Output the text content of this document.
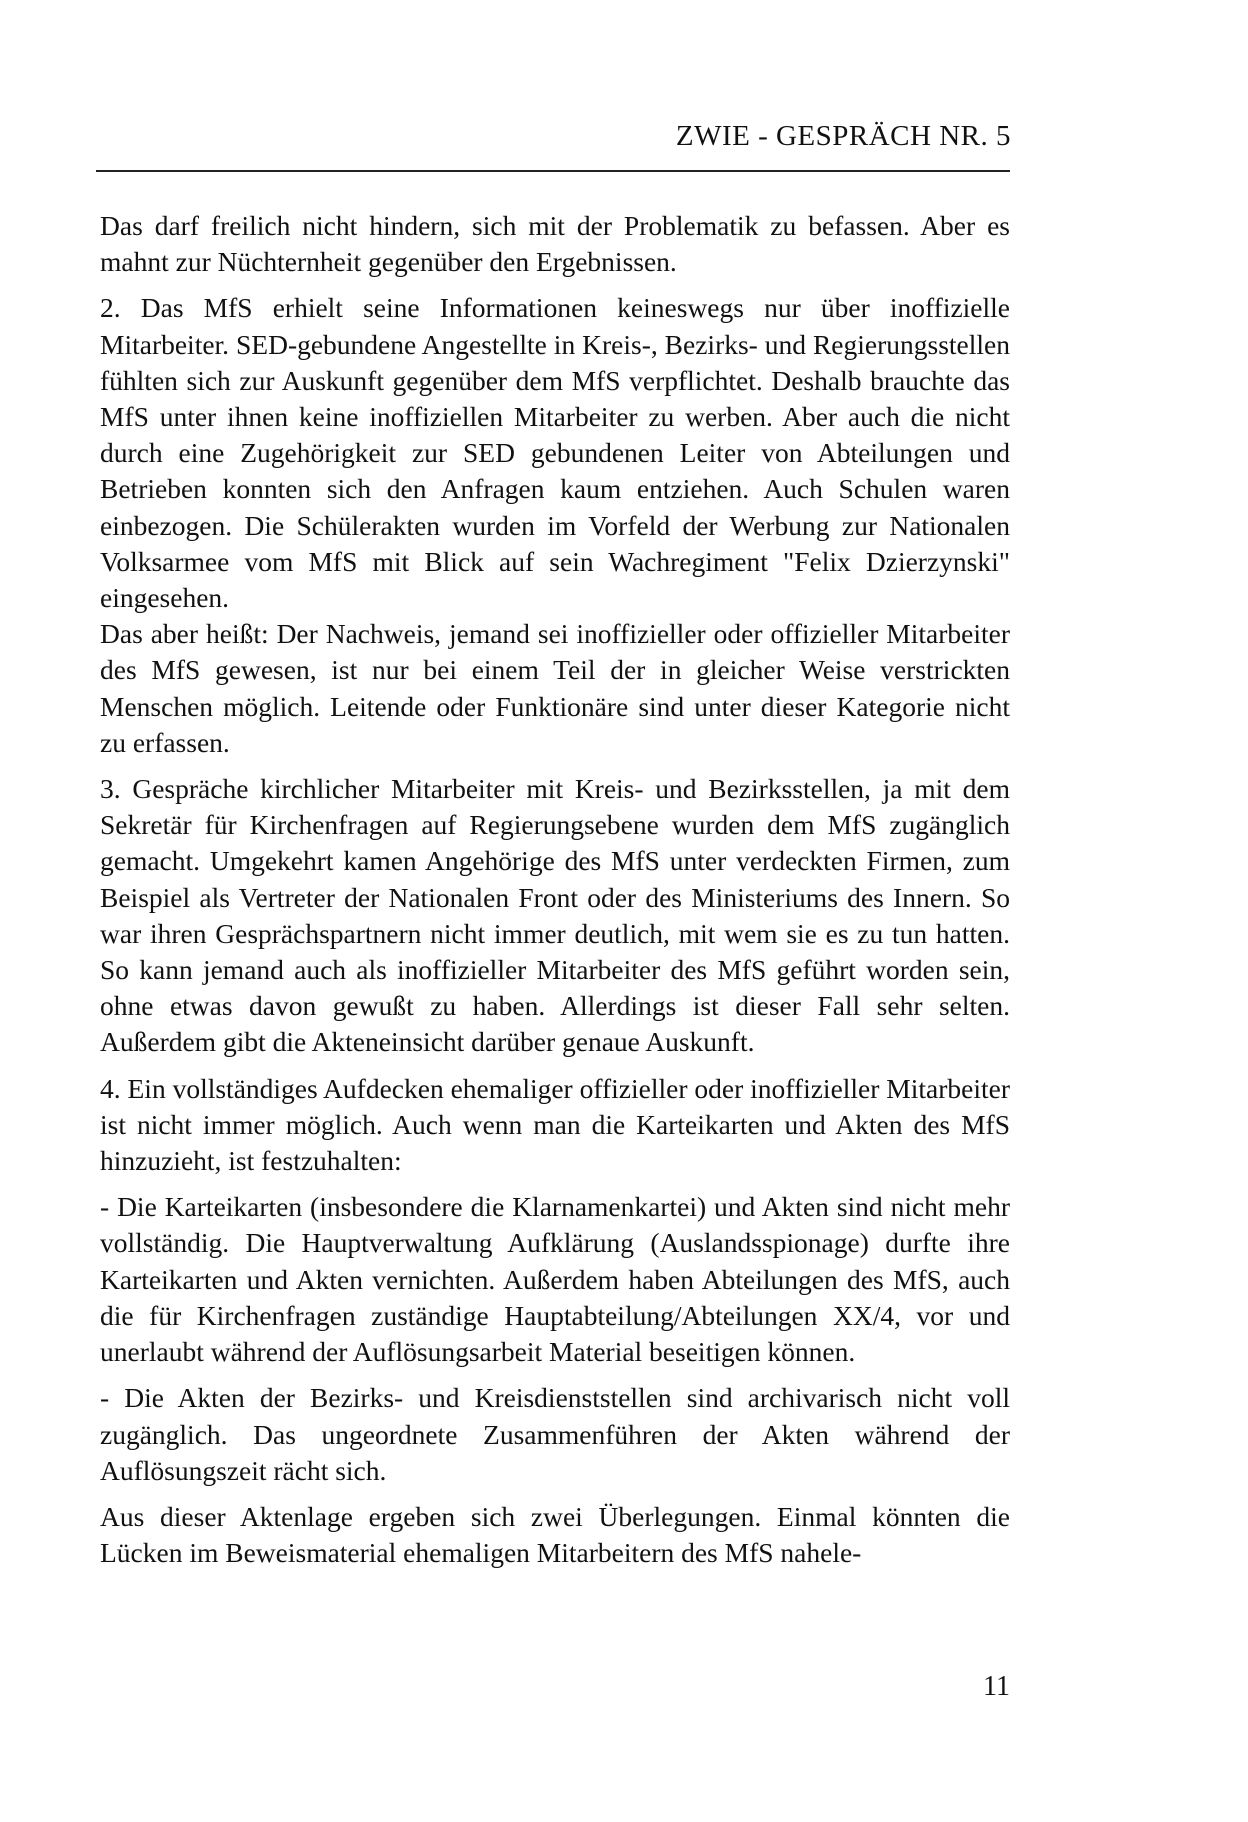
ZWIE - GESPRÄCH NR. 5

Das darf freilich nicht hindern, sich mit der Problematik zu befassen. Aber es mahnt zur Nüchternheit gegenüber den Ergebnissen.

2. Das MfS erhielt seine Informationen keineswegs nur über inoffizielle Mitarbeiter. SED-gebundene Angestellte in Kreis-, Bezirks- und Regierungsstellen fühlten sich zur Auskunft gegenüber dem MfS verpflichtet. Deshalb brauchte das MfS unter ihnen keine inoffiziellen Mitarbeiter zu werben. Aber auch die nicht durch eine Zugehörigkeit zur SED gebundenen Leiter von Abteilungen und Betrieben konnten sich den Anfragen kaum entziehen. Auch Schulen waren einbezogen. Die Schülerakten wurden im Vorfeld der Werbung zur Nationalen Volksarmee vom MfS mit Blick auf sein Wachregiment "Felix Dzierzynski" eingesehen.

Das aber heißt: Der Nachweis, jemand sei inoffizieller oder offizieller Mitarbeiter des MfS gewesen, ist nur bei einem Teil der in gleicher Weise verstrickten Menschen möglich. Leitende oder Funktionäre sind unter dieser Kategorie nicht zu erfassen.

3. Gespräche kirchlicher Mitarbeiter mit Kreis- und Bezirksstellen, ja mit dem Sekretär für Kirchenfragen auf Regierungsebene wurden dem MfS zugänglich gemacht. Umgekehrt kamen Angehörige des MfS unter verdeckten Firmen, zum Beispiel als Vertreter der Nationalen Front oder des Ministeriums des Innern. So war ihren Gesprächspartnern nicht immer deutlich, mit wem sie es zu tun hatten. So kann jemand auch als inoffizieller Mitarbeiter des MfS geführt worden sein, ohne etwas davon gewußt zu haben. Allerdings ist dieser Fall sehr selten. Außerdem gibt die Akteneinsicht darüber genaue Auskunft.

4. Ein vollständiges Aufdecken ehemaliger offizieller oder inoffizieller Mitarbeiter ist nicht immer möglich. Auch wenn man die Karteikarten und Akten des MfS hinzuzieht, ist festzuhalten:

- Die Karteikarten (insbesondere die Klarnamenkartei) und Akten sind nicht mehr vollständig. Die Hauptverwaltung Aufklärung (Auslandsspionage) durfte ihre Karteikarten und Akten vernichten. Außerdem haben Abteilungen des MfS, auch die für Kirchenfragen zuständige Hauptabteilung/Abteilungen XX/4, vor und unerlaubt während der Auflösungsarbeit Material beseitigen können.

- Die Akten der Bezirks- und Kreisdienststellen sind archivarisch nicht voll zugänglich. Das ungeordnete Zusammenführen der Akten während der Auflösungszeit rächt sich.

Aus dieser Aktenlage ergeben sich zwei Überlegungen. Einmal könnten die Lücken im Beweismaterial ehemaligen Mitarbeitern des MfS nahele-

11
